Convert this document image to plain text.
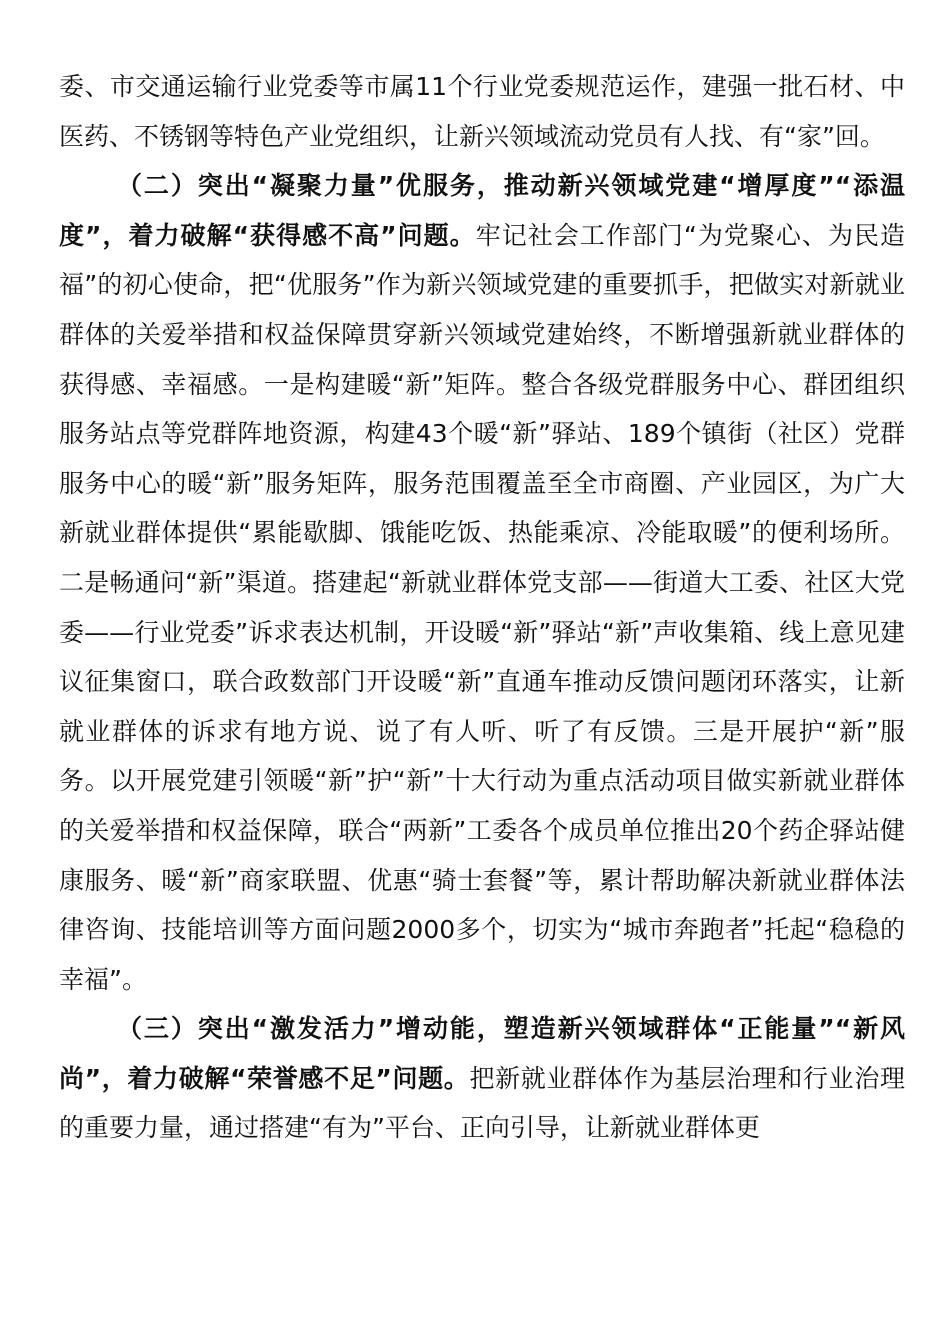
委、市交通运输行业党委等市属11个行业党委规范运作，建强一批石材、中医药、不锈钢等特色产业党组织，让新兴领域流动党员有人找、有“家”回。

（二）突出“凝聚力量”优服务，推动新兴领域党建“增厚度”“添温度”，着力破解“获得感不高”问题。牢记社会工作部门“为党聚心、为民造福”的初心使命，把“优服务”作为新兴领域党建的重要抓手，把做实对新就业群体的关爱举措和权益保障贯穿新兴领域党建始终，不断增强新就业群体的获得感、幸福感。一是构建暖“新”矩阵。整合各级党群服务中心、群团组织服务站点等党群阵地资源，构建43个暖“新”驿站、189个镇街（社区）党群服务中心的暖“新”服务矩阵，服务范围覆盖至全市商圈、产业园区，为广大新就业群体提供“累能歇脚、饿能吃饭、热能乘凉、冷能取暖”的便利场所。二是畅通问“新”渠道。搭建起“新就业群体党支部——街道大工委、社区大党委——行业党委”诉求表达机制，开设暖“新”驿站“新”声收集箱、线上意见建议征集窗口，联合政数部门开设暖“新”直通车推动反馈问题闭环落实，让新就业群体的诉求有地方说、说了有人听、听了有反馈。三是开展护“新”服务。以开展党建引领暖“新”护“新”十大行动为重点活动项目做实新就业群体的关爱举措和权益保障，联合“两新”工委各个成员单位推出20个药企驿站健康服务、暖“新”商家联盟、优惠“骑士套餐”等，累计帮助解决新就业群体法律咨询、技能培训等方面问题2000多个，切实为“城市奔跑者”托起“稳稳的幸福”。

（三）突出“激发活力”增动能，塑造新兴领域群体“正能量”“新风尚”，着力破解“荣誉感不足”问题。把新就业群体作为基层治理和行业治理的重要力量，通过搭建“有为”平台、正向引导，让新就业群体更
